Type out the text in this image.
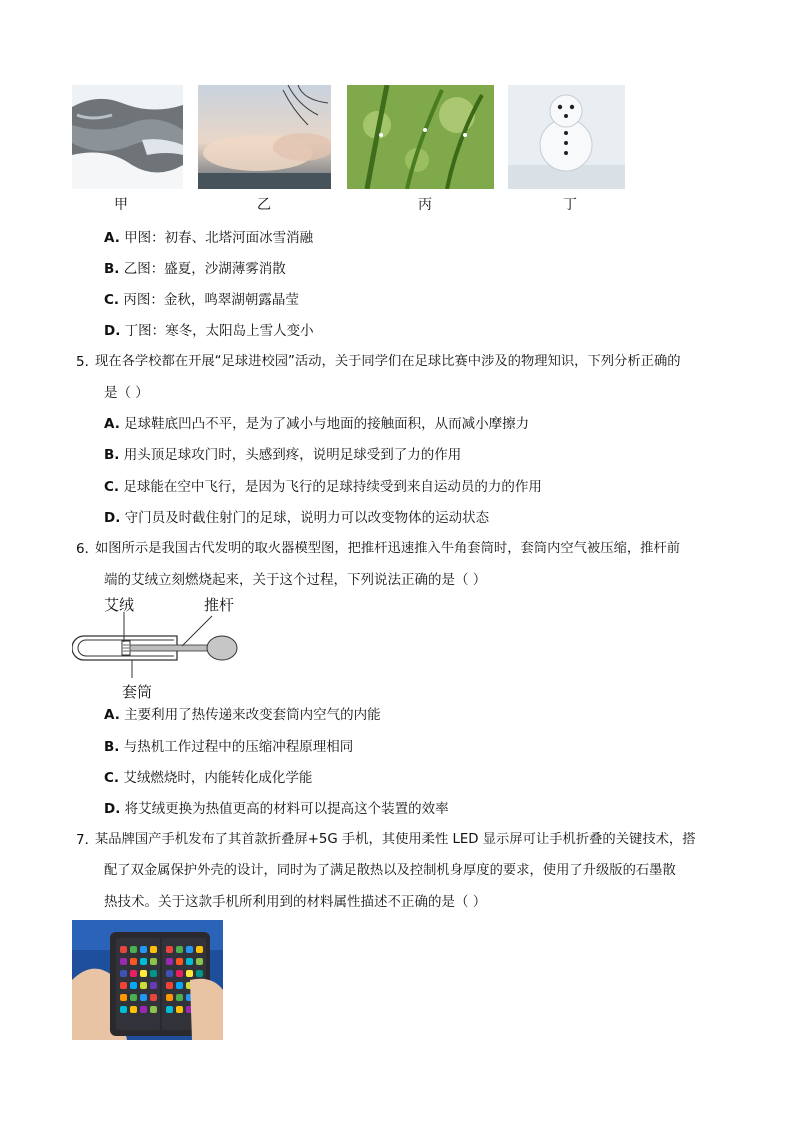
甲	乙	丙	丁
A. 甲图：初春、北塔河面冰雪消融
B. 乙图：盛夏，沙湖薄雾消散
C. 丙图：金秋，鸣翠湖朝露晶莹
D. 丁图：寒冬，太阳岛上雪人变小
5．
现在各学校都在开展“足球进校园”活动，关于同学们在足球比赛中涉及的物理知识，下列分析正确的
是（ ）
A. 足球鞋底凹凸不平，是为了减小与地面的接触面积，从而减小摩擦力
B. 用头顶足球攻门时，头感到疼，说明足球受到了力的作用
C. 足球能在空中飞行，是因为飞行的足球持续受到来自运动员的力的作用
D. 守门员及时截住射门的足球，说明力可以改变物体的运动状态
6．
如图所示是我国古代发明的取火器模型图，把推杆迅速推入牛角套筒时，套筒内空气被压缩，推杆前
端的艾绒立刻燃烧起来，关于这个过程，下列说法正确的是（ ）
艾绒	推杆
套筒
A. 主要利用了热传递来改变套筒内空气的内能
B. 与热机工作过程中的压缩冲程原理相同
C. 艾绒燃烧时，内能转化成化学能
D. 将艾绒更换为热值更高的材料可以提高这个装置的效率
7．
某品牌国产手机发布了其首款折叠屏+5G 手机，其使用柔性 LED 显示屏可让手机折叠的关键技术，搭
配了双金属保护外壳的设计，同时为了满足散热以及控制机身厚度的要求，使用了升级版的石墨散
热技术。关于这款手机所利用到的材料属性描述不正确的是（ ）
